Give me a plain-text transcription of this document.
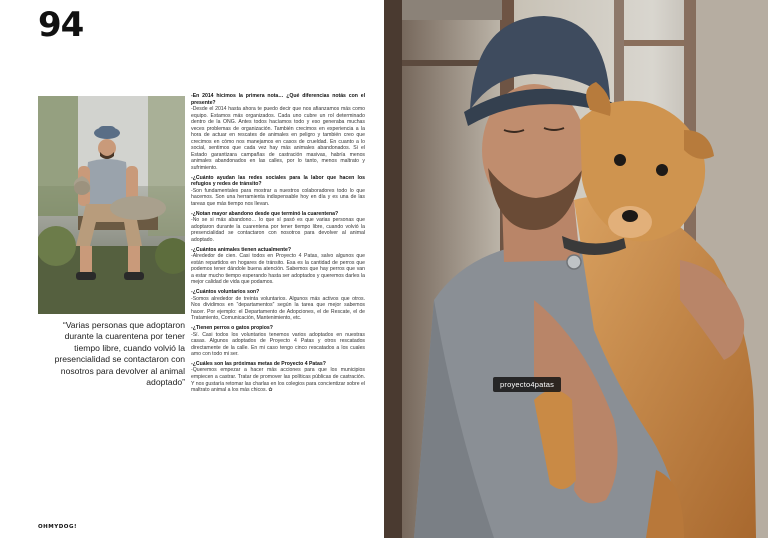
94
“Varias personas que adoptaron durante la cuarentena por tener tiempo libre, cuando volvió la presencialidad se contactaron con nosotros para devolver al animal adoptado”

-En 2014 hicimos la primera nota… ¿Qué diferencias notás con el presente?

-Desde el 2014 hasta ahora te puedo decir que nos afianzamos más como equipo. Estamos más organizados. Cada uno cubre un rol determinado dentro de la ONG. Antes todos hacíamos todo y eso generaba muchas veces problemas de organización. También crecimos en experiencia a la hora de actuar en rescates de animales en peligro y también creo que crecimos en cómo nos manejamos en casos de crueldad. En cuanto a lo social, sentimos que cada vez hay más animales abandonados. Si el Estado garantizara campañas de castración masivas, habría menos animales abandonados en las calles, por lo tanto, menos maltrato y sufrimiento.

-¿Cuánto ayudan las redes sociales para la labor que hacen los refugios y redes de tránsito?

-Son fundamentales para mostrar a nuestros colaboradores todo lo que hacemos. Son una herramienta indispensable hoy en día y es una de las tareas que más tiempo nos llevan.

-¿Notan mayor abandono desde que terminó la cuarentena?

-No se si más abandono… lo que sí pasó es que varias personas que adoptaron durante la cuarentena por tener tiempo libre, cuando volvió la presencialidad se contactaron con nosotros para devolver al animal adoptado.

-¿Cuántos animales tienen actualmente?

-Alrededor de cien. Casi todos en Proyecto 4 Patas, salvo algunos que están repartidos en hogares de tránsito. Esa es la cantidad de perros que podemos tener dándole buena atención. Sabemos que hay perros que van a estar mucho tiempo esperando hasta ser adoptados y queremos darles la mejor calidad de vida que podamos.

-¿Cuántos voluntarios son?

-Somos alrededor de treinta voluntarios. Algunos más activos que otros. Nos dividimos en “departamentos” según la tarea que mejor sabemos hacer. Por ejemplo: el Departamento de Adopciones, el de Rescate, el de Tratamiento, Comunicación, Mantenimiento, etc.

-¿Tienen perros o gatos propios?

-Sí. Casi todos los voluntarios tenemos varios adoptados en nuestras casas. Algunos adoptados de Proyecto 4 Patas y otros rescatados directamente de la calle. En mi caso tengo cinco rescatados a los cuales amo con todo mi ser.

-¿Cuáles son las próximas metas de Proyecto 4 Patas?

-Queremos empezar a hacer más acciones para que los municipios empiecen a castrar. Tratar de promover las políticas públicas de castración. Y nos gustaría retomar las charlas en los colegios para concientizar sobre el maltrato animal a los más chicos. ✿

OHMYDOG!
proyecto4patas
